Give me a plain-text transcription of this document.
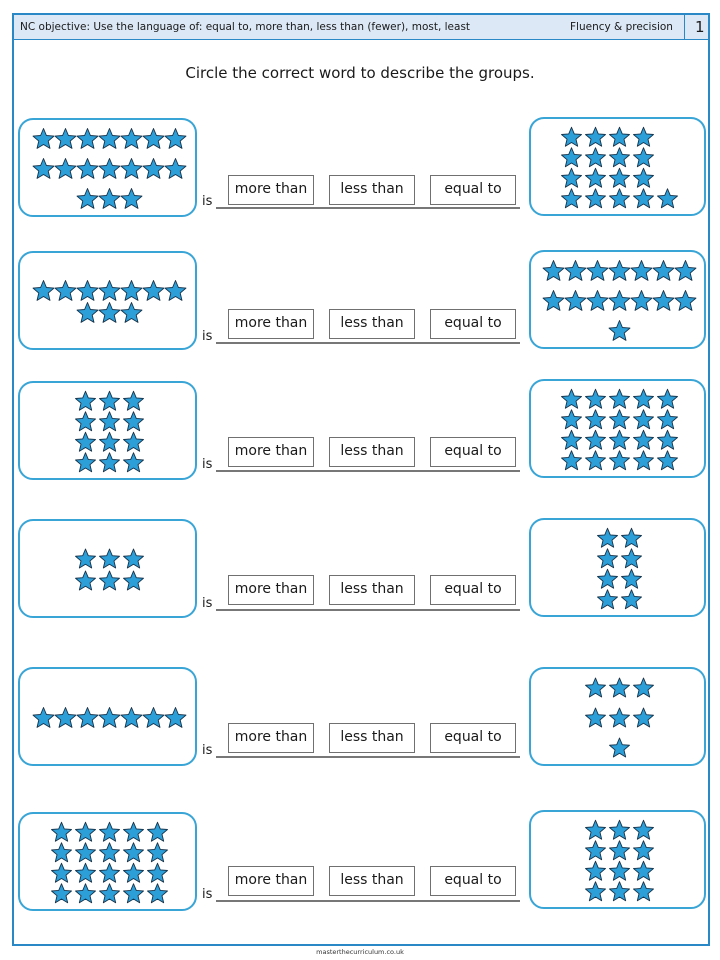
NC objective: Use the language of: equal to, more than, less than (fewer), most, least	Fluency & precision 1
Circle the correct word to describe the groups.
is
more than	less than	equal to
is
more than	less than	equal to
is
more than	less than	equal to
is
more than	less than	equal to
is
more than	less than	equal to
is
more than	less than	equal to
masterthecurriculum.co.uk
